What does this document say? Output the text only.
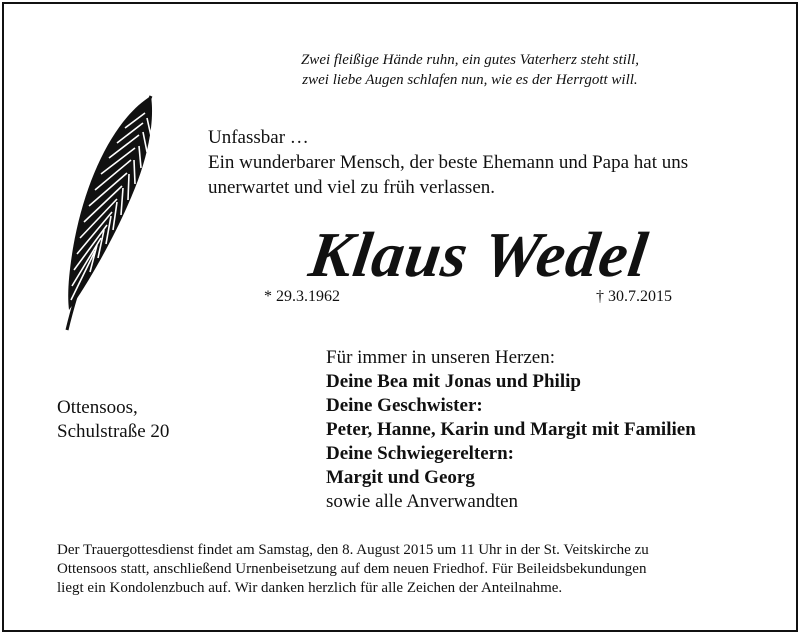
Zwei fleißige Hände ruhn, ein gutes Vaterherz steht still,
zwei liebe Augen schlafen nun, wie es der Herrgott will.
Unfassbar …
Ein wunderbarer Mensch, der beste Ehemann und Papa hat uns
unerwartet und viel zu früh verlassen.
Klaus Wedel
* 29.3.1962	† 30.7.2015
Ottensoos,
Schulstraße 20
Für immer in unseren Herzen:
Deine Bea mit Jonas und Philip
Deine Geschwister:
Peter, Hanne, Karin und Margit mit Familien
Deine Schwiegereltern:
Margit und Georg
sowie alle Anverwandten
Der Trauergottesdienst findet am Samstag, den 8. August 2015 um 11 Uhr in der St. Veitskirche zu
Ottensoos statt, anschließend Urnenbeisetzung auf dem neuen Friedhof. Für Beileidsbekundungen
liegt ein Kondolenzbuch auf. Wir danken herzlich für alle Zeichen der Anteilnahme.
